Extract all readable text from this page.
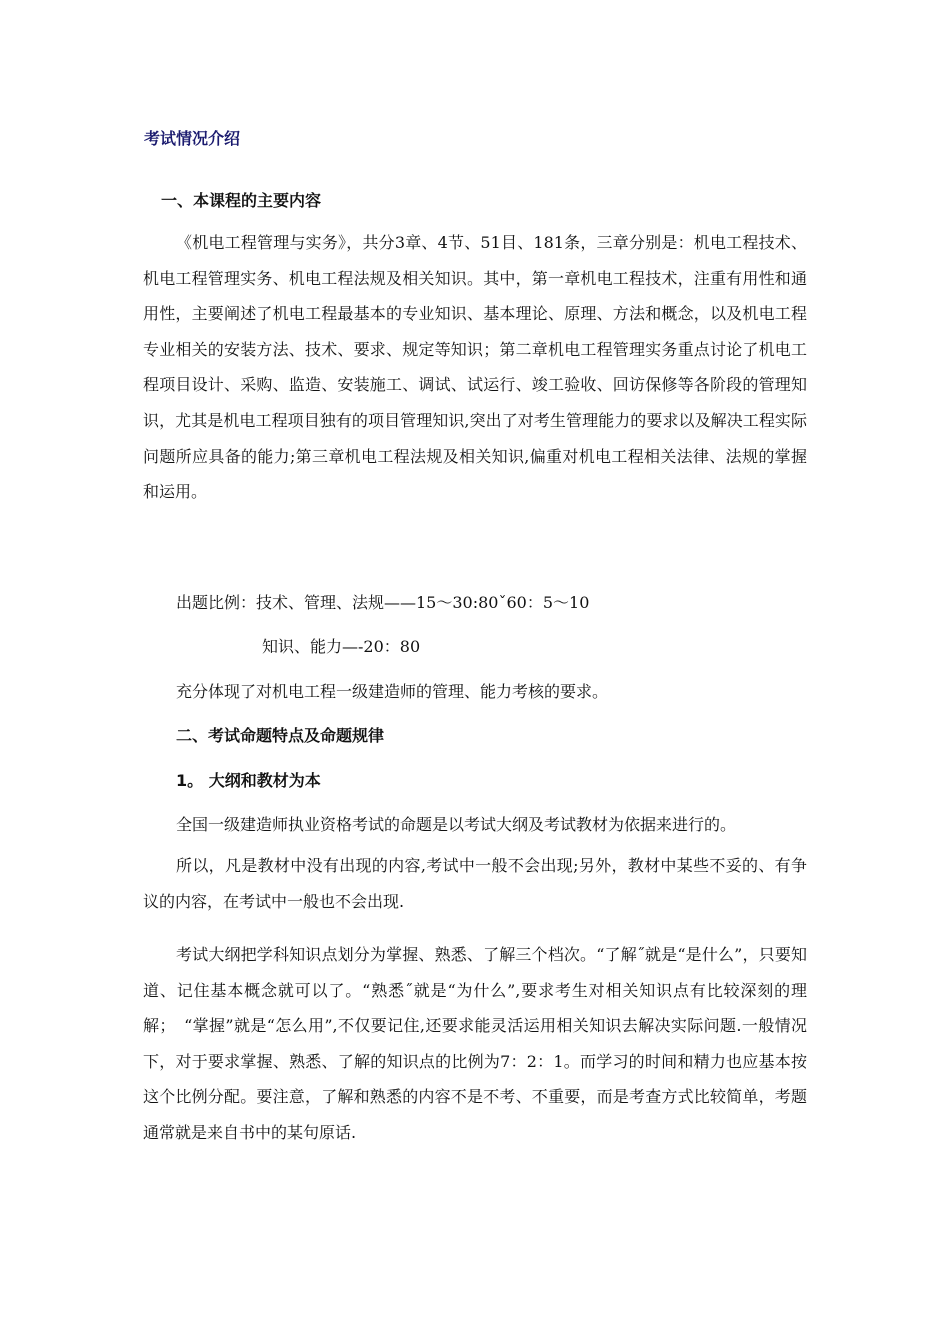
考试情况介绍
一、本课程的主要内容

《机电工程管理与实务》，共分3章、4节、51目、181条，三章分别是：机电工程技术、机电工程管理实务、机电工程法规及相关知识。其中，第一章机电工程技术，注重有用性和通用性，主要阐述了机电工程最基本的专业知识、基本理论、原理、方法和概念，以及机电工程专业相关的安装方法、技术、要求、规定等知识；第二章机电工程管理实务重点讨论了机电工程项目设计、采购、监造、安装施工、调试、试运行、竣工验收、回访保修等各阶段的管理知识，尤其是机电工程项目独有的项目管理知识,突出了对考生管理能力的要求以及解决工程实际问题所应具备的能力;第三章机电工程法规及相关知识,偏重对机电工程相关法律、法规的掌握和运用。

出题比例：技术、管理、法规——15～30:80ˇ60：5～10
知识、能力—-20：80
充分体现了对机电工程一级建造师的管理、能力考核的要求。
二、考试命题特点及命题规律
1。 大纲和教材为本
全国一级建造师执业资格考试的命题是以考试大纲及考试教材为依据来进行的。

所以，凡是教材中没有出现的内容,考试中一般不会出现;另外，教材中某些不妥的、有争议的内容，在考试中一般也不会出现.

考试大纲把学科知识点划分为掌握、熟悉、了解三个档次。“了解˝就是“是什么”，只要知道、记住基本概念就可以了。“熟悉˝就是“为什么”,要求考生对相关知识点有比较深刻的理解；　“掌握”就是“怎么用”,不仅要记住,还要求能灵活运用相关知识去解决实际问题.一般情况下，对于要求掌握、熟悉、了解的知识点的比例为7：2：1。而学习的时间和精力也应基本按这个比例分配。要注意，了解和熟悉的内容不是不考、不重要，而是考查方式比较简单，考题通常就是来自书中的某句原话.
